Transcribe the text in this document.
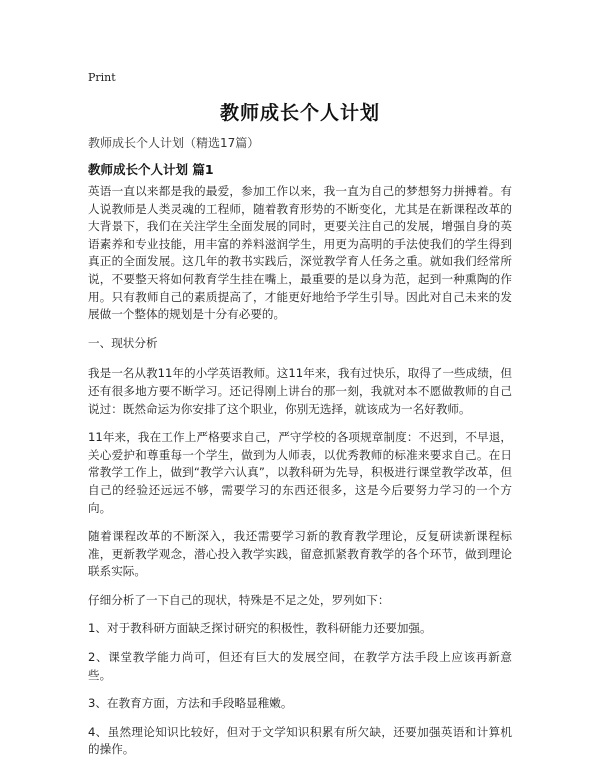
Print
教师成长个人计划
教师成长个人计划（精选17篇）
教师成长个人计划 篇1

英语一直以来都是我的最爱，参加工作以来，我一直为自己的梦想努力拼搏着。有人说教师是人类灵魂的工程师，随着教育形势的不断变化，尤其是在新课程改革的大背景下，我们在关注学生全面发展的同时，更要关注自己的发展，增强自身的英语素养和专业技能，用丰富的养料滋润学生，用更为高明的手法使我们的学生得到真正的全面发展。这几年的教书实践后，深觉教学育人任务之重。就如我们经常所说，不要整天将如何教育学生挂在嘴上，最重要的是以身为范，起到一种熏陶的作用。只有教师自己的素质提高了，才能更好地给予学生引导。因此对自己未来的发展做一个整体的规划是十分有必要的。

一、现状分析

我是一名从教11年的小学英语教师。这11年来，我有过快乐，取得了一些成绩，但还有很多地方要不断学习。还记得刚上讲台的那一刻，我就对本不愿做教师的自己说过：既然命运为你安排了这个职业，你别无选择，就该成为一名好教师。

11年来，我在工作上严格要求自己，严守学校的各项规章制度：不迟到，不早退，关心爱护和尊重每一个学生，做到为人师表，以优秀教师的标准来要求自己。在日常教学工作上，做到“教学六认真”，以教科研为先导，积极进行课堂教学改革，但自己的经验还远远不够，需要学习的东西还很多，这是今后要努力学习的一个方向。

随着课程改革的不断深入，我还需要学习新的教育教学理论，反复研读新课程标准，更新教学观念，潜心投入教学实践，留意抓紧教育教学的各个环节，做到理论联系实际。

仔细分析了一下自己的现状，特殊是不足之处，罗列如下：

1、对于教科研方面缺乏探讨研究的积极性，教科研能力还要加强。

2、课堂教学能力尚可，但还有巨大的发展空间，在教学方法手段上应该再新意些。

3、在教育方面，方法和手段略显稚嫩。

4、虽然理论知识比较好，但对于文学知识积累有所欠缺，还要加强英语和计算机的操作。
